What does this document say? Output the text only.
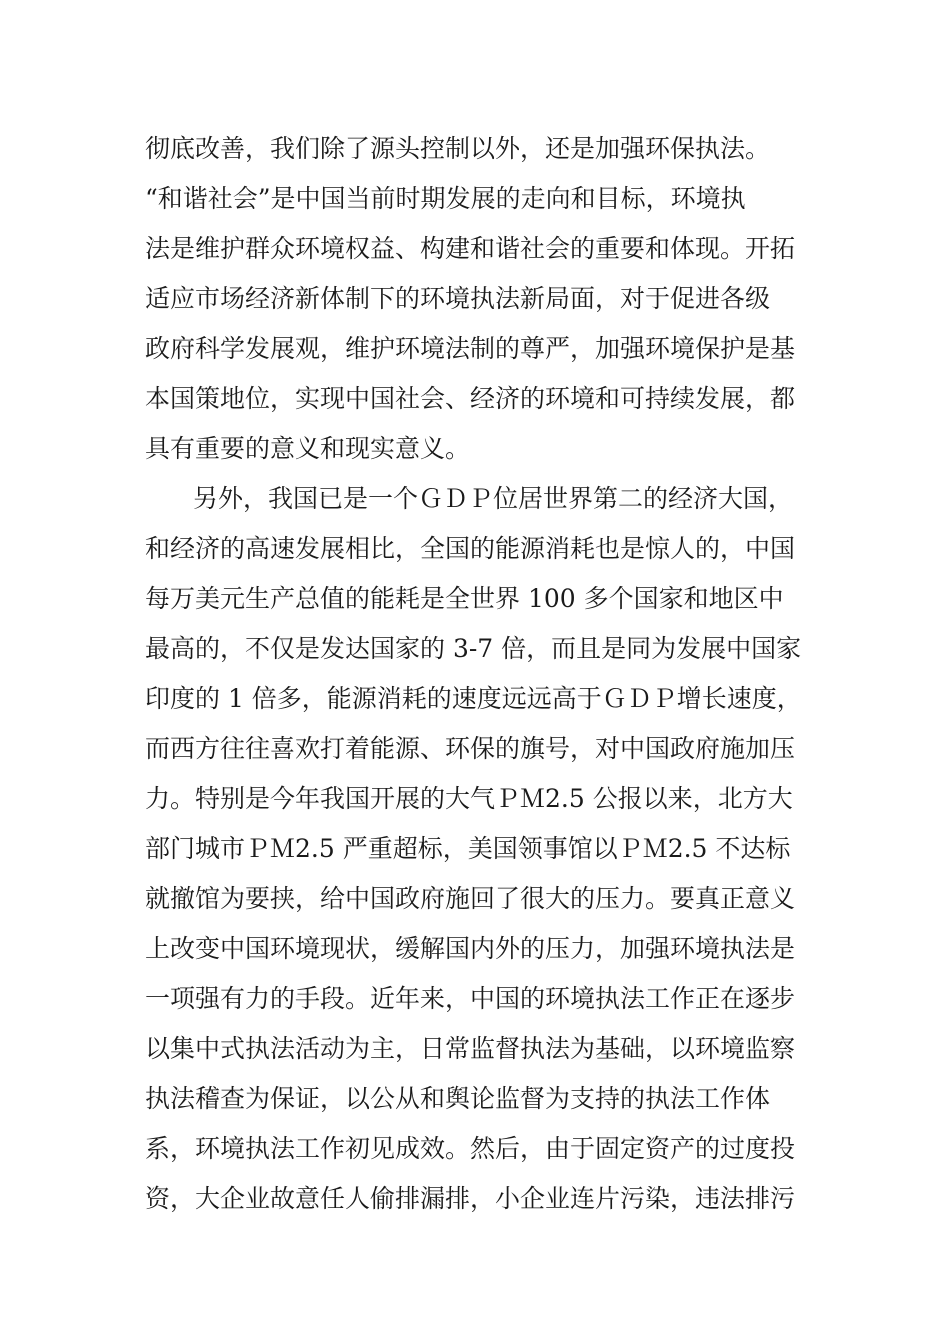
彻底改善，我们除了源头控制以外，还是加强环保执法。
“和谐社会”是中国当前时期发展的走向和目标，环境执
法是维护群众环境权益、构建和谐社会的重要和体现。开拓
适应市场经济新体制下的环境执法新局面，对于促进各级
政府科学发展观，维护环境法制的尊严，加强环境保护是基
本国策地位，实现中国社会、经济的环境和可持续发展，都
具有重要的意义和现实意义。
另外，我国已是一个ＧＤＰ位居世界第二的经济大国，
和经济的高速发展相比，全国的能源消耗也是惊人的，中国
每万美元生产总值的能耗是全世界 100 多个国家和地区中
最高的，不仅是发达国家的 3-7 倍，而且是同为发展中国家
印度的 1 倍多，能源消耗的速度远远高于ＧＤＰ增长速度，
而西方往往喜欢打着能源、环保的旗号，对中国政府施加压
力。特别是今年我国开展的大气ＰＭ2.5 公报以来，北方大
部门城市ＰＭ2.5 严重超标，美国领事馆以ＰＭ2.5 不达标
就撤馆为要挟，给中国政府施回了很大的压力。要真正意义
上改变中国环境现状，缓解国内外的压力，加强环境执法是
一项强有力的手段。近年来，中国的环境执法工作正在逐步
以集中式执法活动为主，日常监督执法为基础，以环境监察
执法稽查为保证，以公从和舆论监督为支持的执法工作体
系，环境执法工作初见成效。然后，由于固定资产的过度投
资，大企业故意任人偷排漏排，小企业连片污染，违法排污
